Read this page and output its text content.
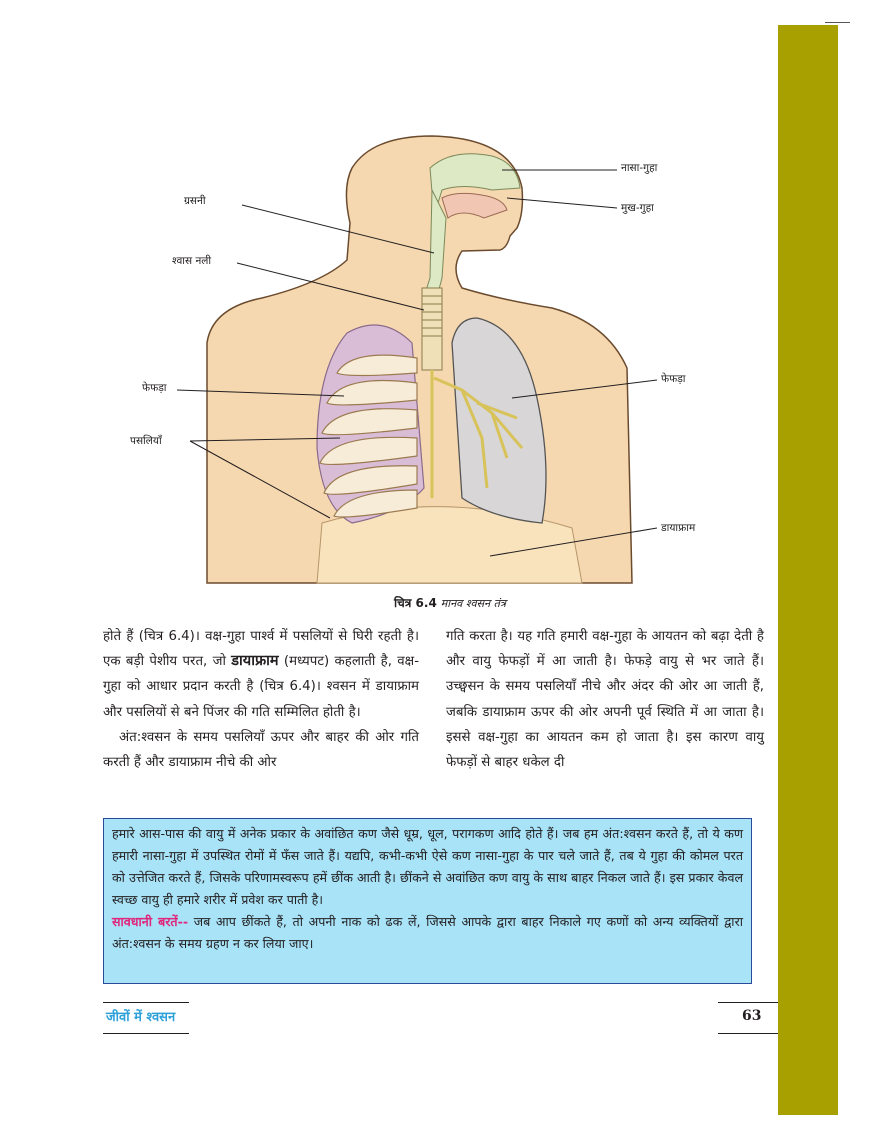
नासा-गुहा
मुख-गुहा
ग्रसनी
श्वास नली
फेफड़ा
फेफड़ा
पसलियाँ
डायाफ्राम
चित्र 6.4 मानव श्वसन तंत्र

होते हैं (चित्र 6.4)। वक्ष-गुहा पार्श्व में पसलियों से घिरी रहती है। एक बड़ी पेशीय परत, जो डायाफ्राम (मध्यपट) कहलाती है, वक्ष-गुहा को आधार प्रदान करती है (चित्र 6.4)। श्वसन में डायाफ्राम और पसलियों से बने पिंजर की गति सम्मिलित होती है।

अंत:श्वसन के समय पसलियाँ ऊपर और बाहर की ओर गति करती हैं और डायाफ्राम नीचे की ओर

गति करता है। यह गति हमारी वक्ष-गुहा के आयतन को बढ़ा देती है और वायु फेफड़ों में आ जाती है। फेफड़े वायु से भर जाते हैं। उच्छ्वसन के समय पसलियाँ नीचे और अंदर की ओर आ जाती हैं, जबकि डायाफ्राम ऊपर की ओर अपनी पूर्व स्थिति में आ जाता है। इससे वक्ष-गुहा का आयतन कम हो जाता है। इस कारण वायु फेफड़ों से बाहर धकेल दी

हमारे आस-पास की वायु में अनेक प्रकार के अवांछित कण जैसे धूम्र, धूल, परागकण आदि होते हैं। जब हम अंत:श्वसन करते हैं, तो ये कण हमारी नासा-गुहा में उपस्थित रोमों में फँस जाते हैं। यद्यपि, कभी-कभी ऐसे कण नासा-गुहा के पार चले जाते हैं, तब ये गुहा की कोमल परत को उत्तेजित करते हैं, जिसके परिणामस्वरूप हमें छींक आती है। छींकने से अवांछित कण वायु के साथ बाहर निकल जाते हैं। इस प्रकार केवल स्वच्छ वायु ही हमारे शरीर में प्रवेश कर पाती है।

सावधानी बरतें-- जब आप छींकते हैं, तो अपनी नाक को ढक लें, जिससे आपके द्वारा बाहर निकाले गए कणों को अन्य व्यक्तियों द्वारा अंत:श्वसन के समय ग्रहण न कर लिया जाए।

जीवों में श्वसन	63
